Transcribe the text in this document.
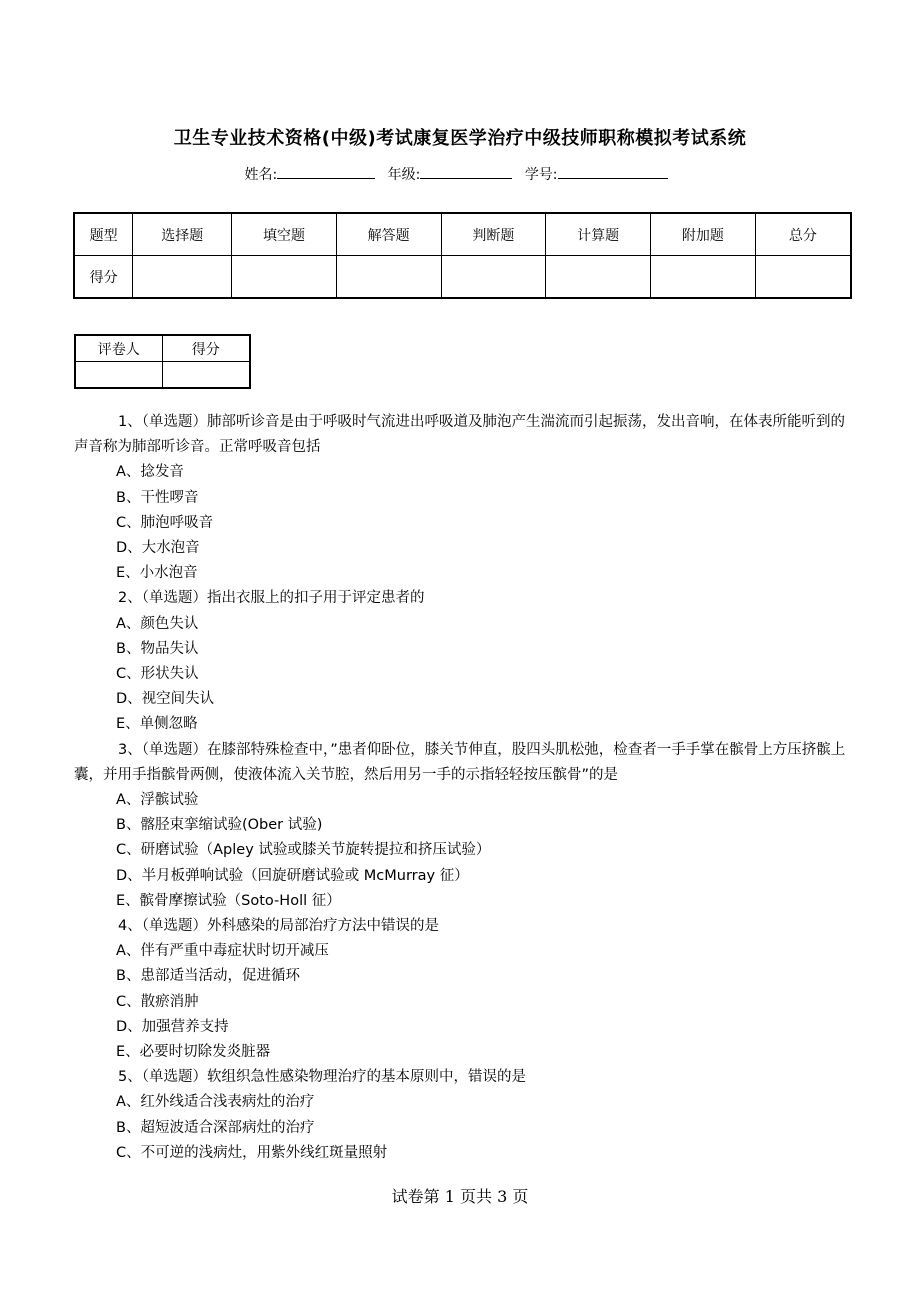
卫生专业技术资格(中级)考试康复医学治疗中级技师职称模拟考试系统
姓名:	年级:	学号:
题型	选择题	填空题	解答题	判断题	计算题	附加题	总分
得分							
评卷人	得分

1、（单选题）肺部听诊音是由于呼吸时气流进出呼吸道及肺泡产生湍流而引起振荡，发出音响，在体表所能听到的声音称为肺部听诊音。正常呼吸音包括

A、捻发音

B、干性啰音

C、肺泡呼吸音

D、大水泡音

E、小水泡音

2、（单选题）指出衣服上的扣子用于评定患者的

A、颜色失认

B、物品失认

C、形状失认

D、视空间失认

E、单侧忽略

3、（单选题）在膝部特殊检查中，”患者仰卧位，膝关节伸直，股四头肌松弛，检查者一手手掌在髌骨上方压挤髌上囊，并用手指髌骨两侧，使液体流入关节腔，然后用另一手的示指轻轻按压髌骨”的是

A、浮髌试验

B、髂胫束挛缩试验(Ober 试验)

C、研磨试验（Apley 试验或膝关节旋转提拉和挤压试验）

D、半月板弹响试验（回旋研磨试验或 McMurray 征）

E、髌骨摩擦试验（Soto-Holl 征）

4、（单选题）外科感染的局部治疗方法中错误的是

A、伴有严重中毒症状时切开减压

B、患部适当活动，促进循环

C、散瘀消肿

D、加强营养支持

E、必要时切除发炎脏器

5、（单选题）软组织急性感染物理治疗的基本原则中，错误的是

A、红外线适合浅表病灶的治疗

B、超短波适合深部病灶的治疗

C、不可逆的浅病灶，用紫外线红斑量照射

试卷第 1 页共 3 页
